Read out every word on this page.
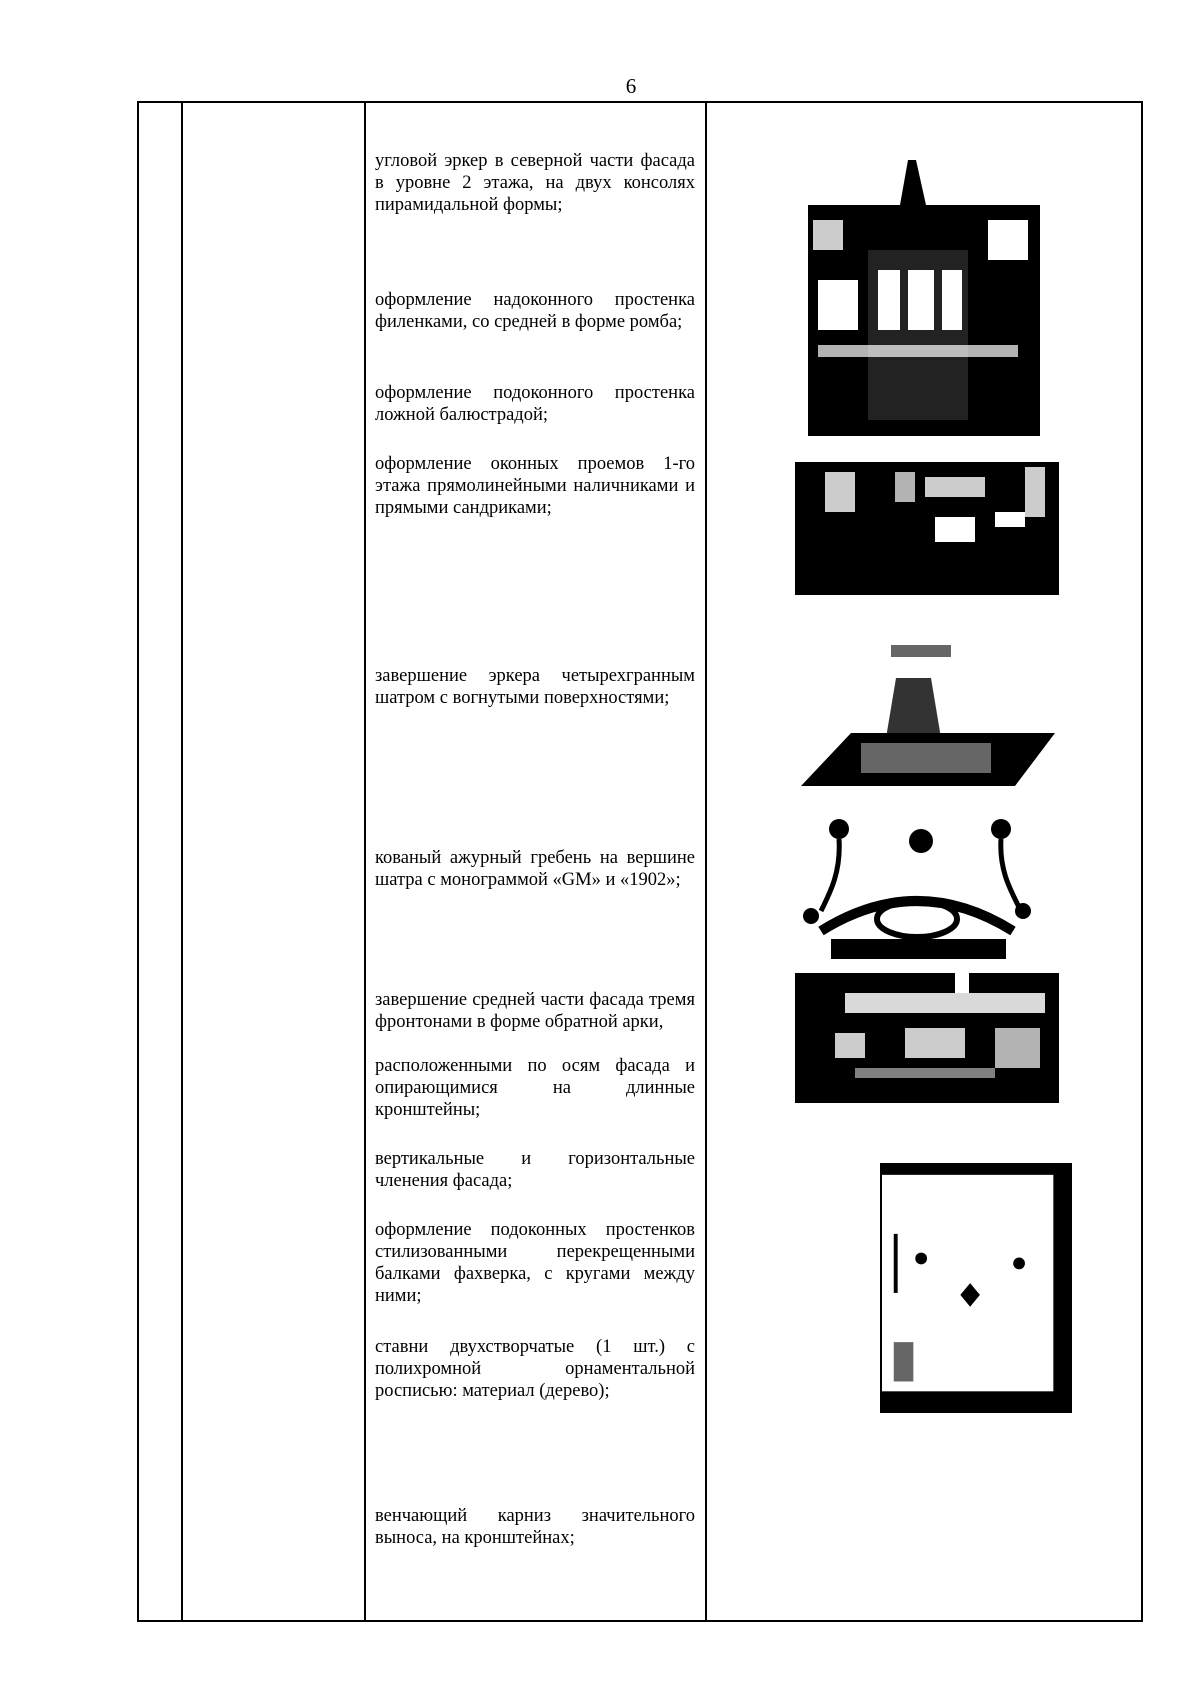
6
угловой эркер в северной части фасада в уровне 2 этажа, на двух консолях пирамидальной формы;
оформление надоконного простенка филенками, со средней в форме ромба;
оформление подоконного простенка ложной балюстрадой;
оформление оконных проемов 1-го этажа прямолинейными наличниками и прямыми сандриками;
завершение эркера четырехгранным шатром с вогнутыми поверхностями;
кованый ажурный гребень на вершине шатра с монограммой «GM» и «1902»;
завершение средней части фасада тремя фронтонами в форме обратной арки,
расположенными по осям фасада и опирающимися на длинные кронштейны;
вертикальные и горизонтальные членения фасада;
оформление подоконных простенков стилизованными перекрещенными балками фахверка, с кругами между ними;
ставни двухстворчатые (1 шт.) с полихромной орнаментальной росписью: материал (дерево);
венчающий карниз значительного выноса, на кронштейнах;
